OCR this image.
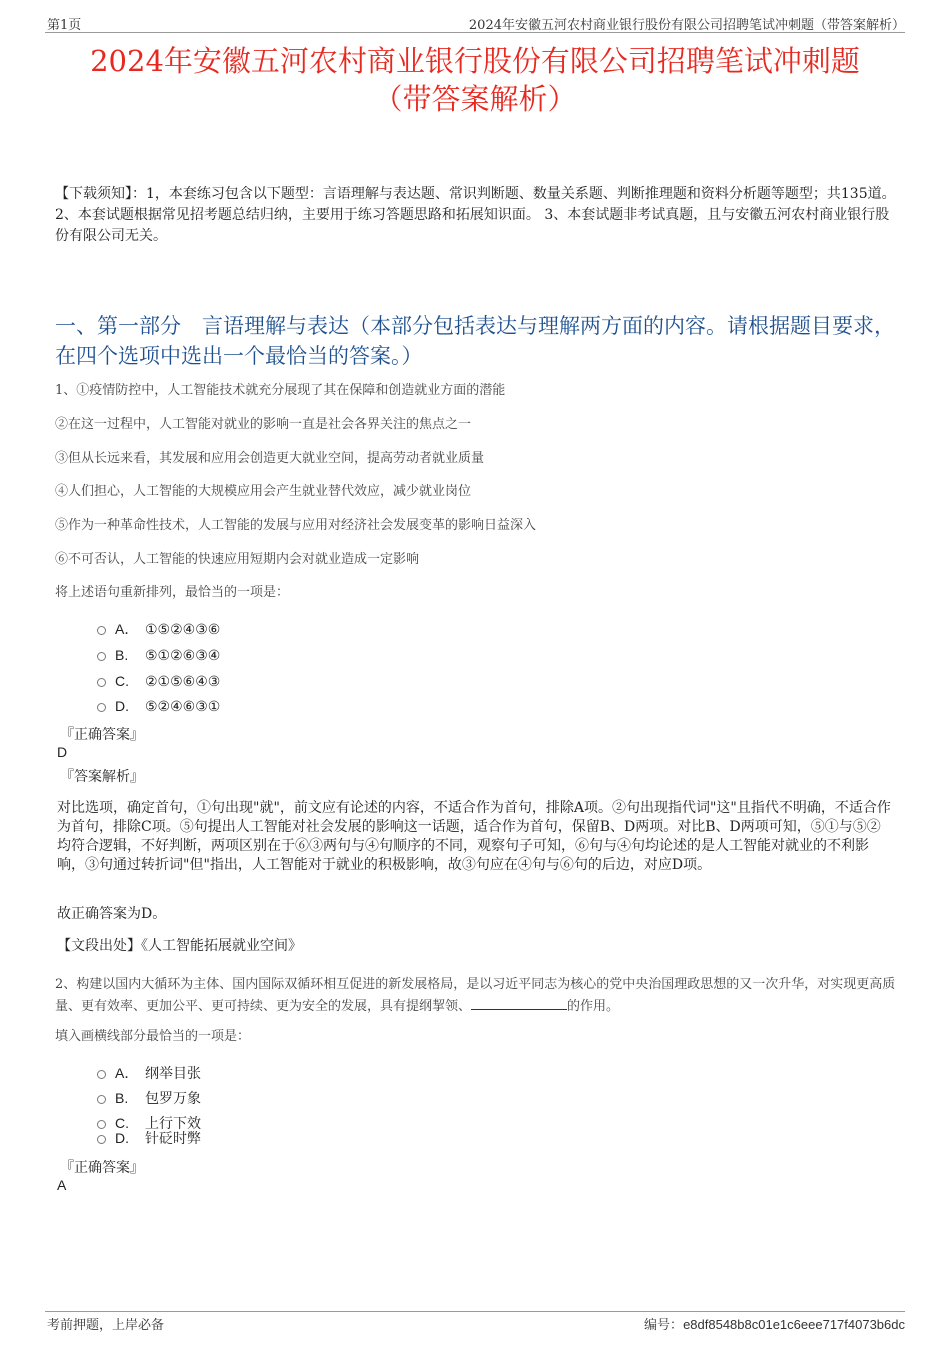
第1页	2024年安徽五河农村商业银行股份有限公司招聘笔试冲刺题（带答案解析）
2024年安徽五河农村商业银行股份有限公司招聘笔试冲刺题
（带答案解析）
【下载须知】：1，本套练习包含以下题型：言语理解与表达题、常识判断题、数量关系题、判断推理题和资料分析题等题型；共135道。 2、本套试题根据常见招考题总结归纳，主要用于练习答题思路和拓展知识面。 3、本套试题非考试真题，且与安徽五河农村商业银行股份有限公司无关。
一、第一部分　言语理解与表达（本部分包括表达与理解两方面的内容。请根据题目要求，在四个选项中选出一个最恰当的答案。）
1、①疫情防控中，人工智能技术就充分展现了其在保障和创造就业方面的潜能
②在这一过程中，人工智能对就业的影响一直是社会各界关注的焦点之一
③但从长远来看，其发展和应用会创造更大就业空间，提高劳动者就业质量
④人们担心，人工智能的大规模应用会产生就业替代效应，减少就业岗位
⑤作为一种革命性技术，人工智能的发展与应用对经济社会发展变革的影响日益深入
⑥不可否认，人工智能的快速应用短期内会对就业造成一定影响
将上述语句重新排列，最恰当的一项是：
A． ①⑤②④③⑥
B. ⑤①②⑥③④
C. ②①⑤⑥④③
D. ⑤②④⑥③①
『正确答案』
D
『答案解析』
对比选项，确定首句，①句出现"就"，前文应有论述的内容，不适合作为首句，排除A项。②句出现指代词"这"且指代不明确，不适合作为首句，排除C项。⑤句提出人工智能对社会发展的影响这一话题，适合作为首句，保留B、D两项。对比B、D两项可知，⑤①与⑤②均符合逻辑，不好判断，两项区别在于⑥③两句与④句顺序的不同，观察句子可知，⑥句与④句均论述的是人工智能对就业的不利影响，③句通过转折词"但"指出，人工智能对于就业的积极影响，故③句应在④句与⑥句的后边，对应D项。
故正确答案为D。
【文段出处】《人工智能拓展就业空间》
2、构建以国内大循环为主体、国内国际双循环相互促进的新发展格局，是以习近平同志为核心的党中央治国理政思想的又一次升华，对实现更高质量、更有效率、更加公平、更可持续、更为安全的发展，具有提纲挈领、	的作用。
填入画横线部分最恰当的一项是：
A． 纲举目张
B. 包罗万象
C. 上行下效
D. 针砭时弊
『正确答案』
A
考前押题，上岸必备	编号：e8df8548b8c01e1c6eee717f4073b6dc
